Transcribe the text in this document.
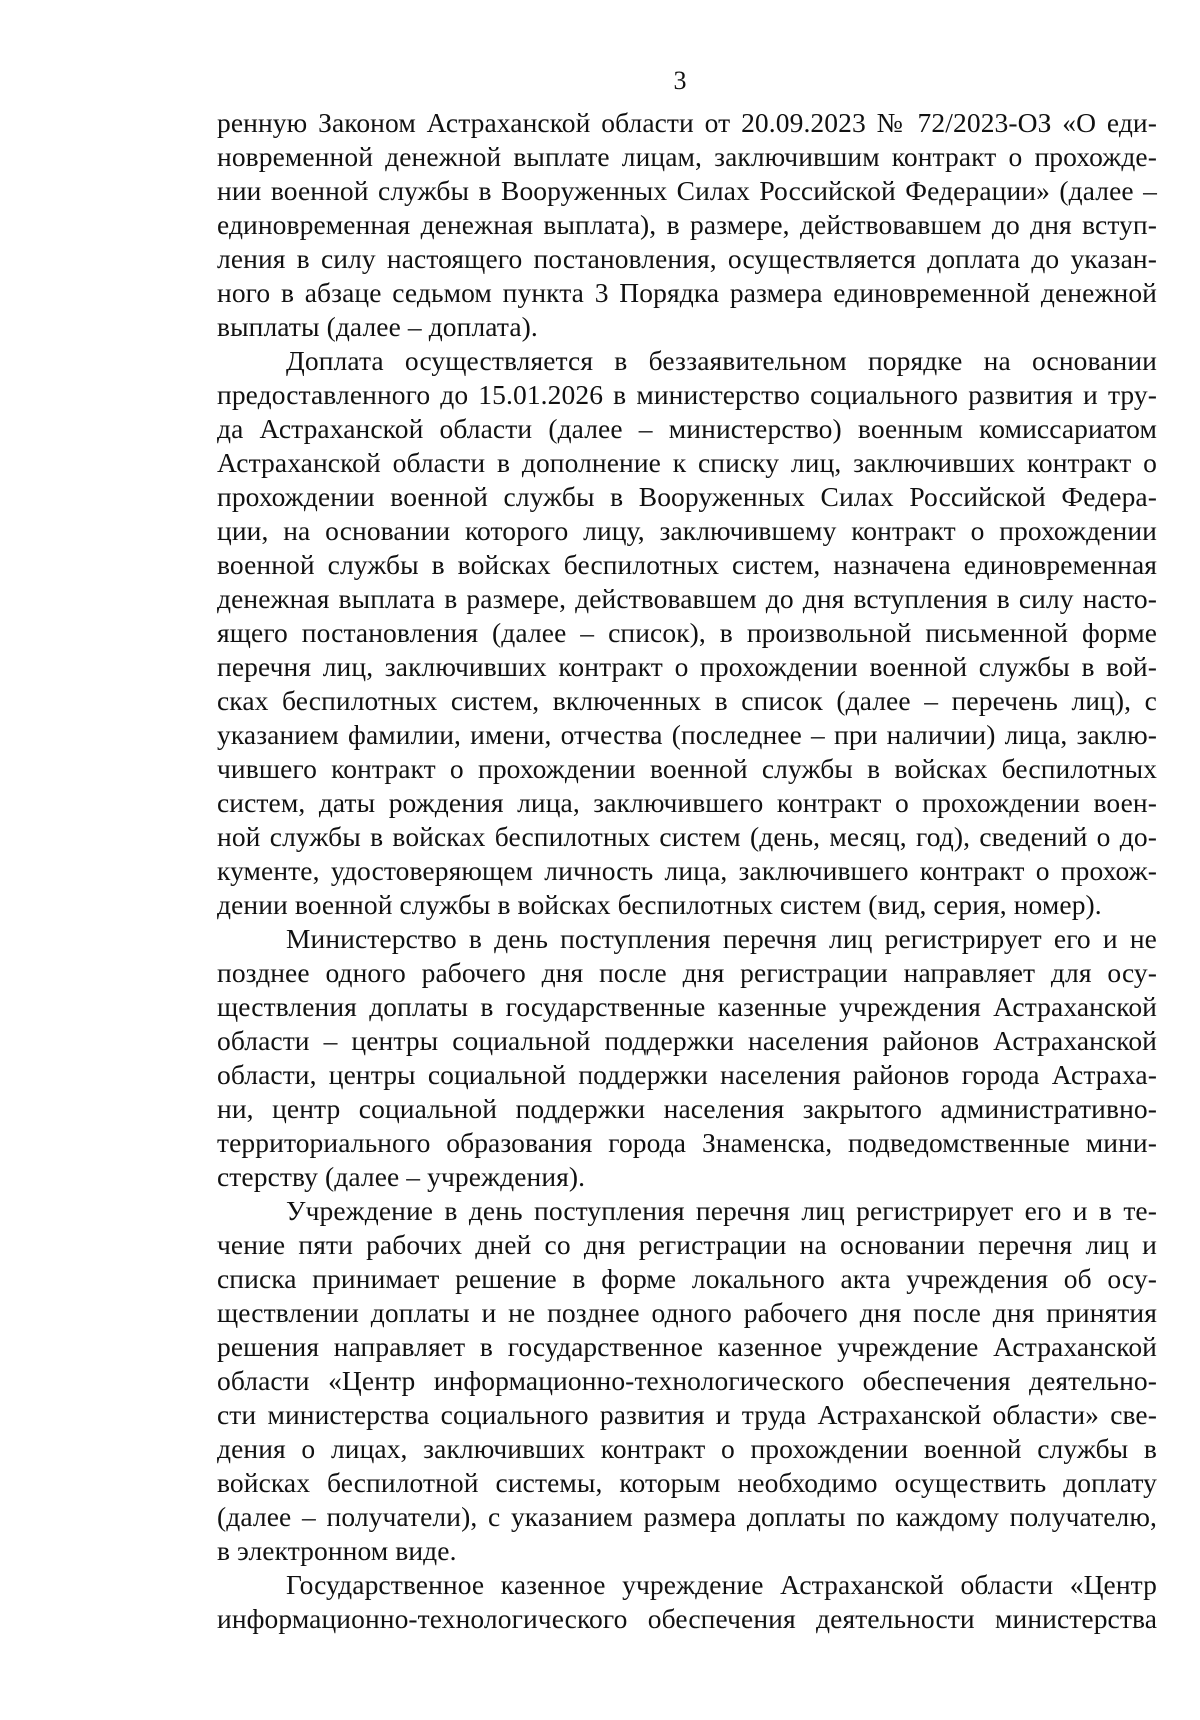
3
ренную Законом Астраханской области от 20.09.2023 № 72/2023-ОЗ «О еди-
новременной денежной выплате лицам, заключившим контракт о прохожде-
нии военной службы в Вооруженных Силах Российской Федерации» (далее –
единовременная денежная выплата), в размере, действовавшем до дня вступ-
ления в силу настоящего постановления, осуществляется доплата до указан-
ного в абзаце седьмом пункта 3 Порядка размера единовременной денежной
выплаты (далее – доплата).
Доплата осуществляется в беззаявительном порядке на основании
предоставленного до 15.01.2026 в министерство социального развития и тру-
да Астраханской области (далее – министерство) военным комиссариатом
Астраханской области в дополнение к списку лиц, заключивших контракт о
прохождении военной службы в Вооруженных Силах Российской Федера-
ции, на основании которого лицу, заключившему контракт о прохождении
военной службы в войсках беспилотных систем, назначена единовременная
денежная выплата в размере, действовавшем до дня вступления в силу насто-
ящего постановления (далее – список), в произвольной письменной форме
перечня лиц, заключивших контракт о прохождении военной службы в вой-
сках беспилотных систем, включенных в список (далее – перечень лиц), с
указанием фамилии, имени, отчества (последнее – при наличии) лица, заклю-
чившего контракт о прохождении военной службы в войсках беспилотных
систем, даты рождения лица, заключившего контракт о прохождении воен-
ной службы в войсках беспилотных систем (день, месяц, год), сведений о до-
кументе, удостоверяющем личность лица, заключившего контракт о прохож-
дении военной службы в войсках беспилотных систем (вид, серия, номер).
Министерство в день поступления перечня лиц регистрирует его и не
позднее одного рабочего дня после дня регистрации направляет для осу-
ществления доплаты в государственные казенные учреждения Астраханской
области – центры социальной поддержки населения районов Астраханской
области, центры социальной поддержки населения районов города Астраха-
ни, центр социальной поддержки населения закрытого административно-
территориального образования города Знаменска, подведомственные мини-
стерству (далее – учреждения).
Учреждение в день поступления перечня лиц регистрирует его и в те-
чение пяти рабочих дней со дня регистрации на основании перечня лиц и
списка принимает решение в форме локального акта учреждения об осу-
ществлении доплаты и не позднее одного рабочего дня после дня принятия
решения направляет в государственное казенное учреждение Астраханской
области «Центр информационно-технологического обеспечения деятельно-
сти министерства социального развития и труда Астраханской области» све-
дения о лицах, заключивших контракт о прохождении военной службы в
войсках беспилотной системы, которым необходимо осуществить доплату
(далее – получатели), с указанием размера доплаты по каждому получателю,
в электронном виде.
Государственное казенное учреждение Астраханской области «Центр
информационно-технологического обеспечения деятельности министерства
